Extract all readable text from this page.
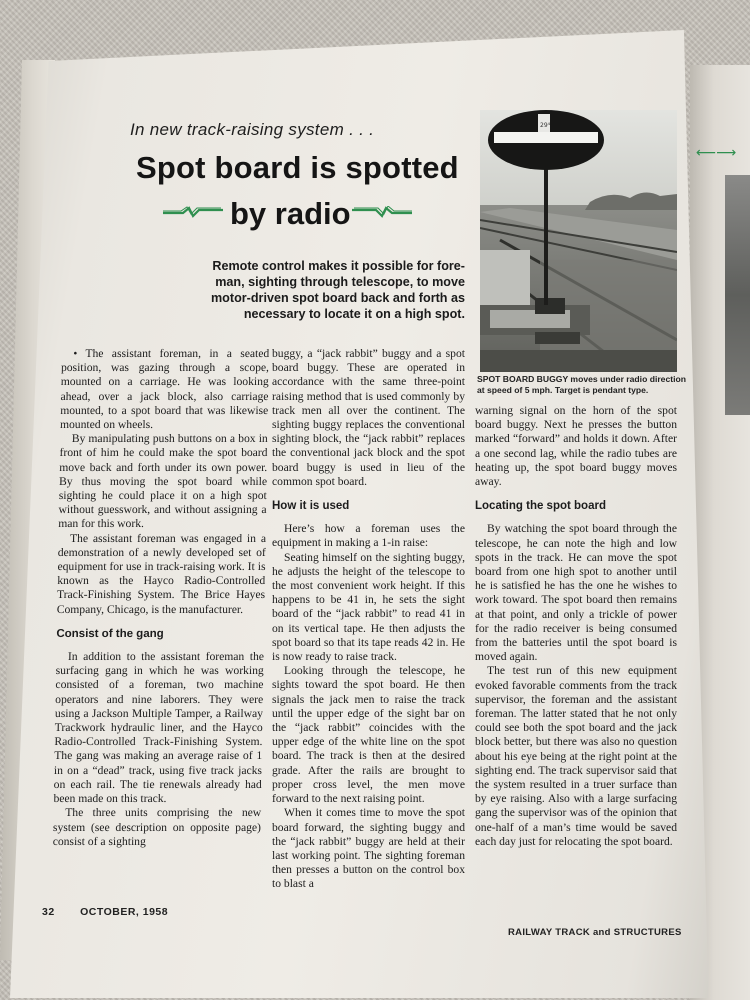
⟵⟶
In new track-raising system . . .
Spot board is spotted
by radio
Remote control makes it possible for fore-
man, sighting through telescope, to move
motor-driven spot board back and forth as
necessary to locate it on a high spot.
29⁴
SPOT BOARD BUGGY moves under radio direction at speed of 5 mph. Target is pendant type.

• The assistant foreman, in a seated position, was gazing through a scope, mounted on a carriage. He was looking ahead, over a jack block, also carriage mounted, to a spot board that was likewise mounted on wheels.

By manipulating push buttons on a box in front of him he could make the spot board move back and forth under its own power. By thus moving the spot board while sighting he could place it on a high spot without guesswork, and without assigning a man for this work.

The assistant foreman was engaged in a demonstration of a newly developed set of equipment for use in track-raising work. It is known as the Hayco Radio-Controlled Track-Finishing System. The Brice Hayes Company, Chicago, is the manufacturer.

Consist of the gang

In addition to the assistant foreman the surfacing gang in which he was working consisted of a foreman, two machine operators and nine laborers. They were using a Jackson Multiple Tamper, a Railway Trackwork hydraulic liner, and the Hayco Radio-Controlled Track-Finishing System. The gang was making an average raise of 1 in on a “dead” track, using five track jacks on each rail. The tie renewals already had been made on this track.

The three units comprising the new system (see description on opposite page) consist of a sighting

buggy, a “jack rabbit” buggy and a spot board buggy. These are operated in accordance with the same three-point raising method that is used commonly by track men all over the continent. The sighting buggy replaces the conventional sighting block, the “jack rabbit” replaces the conventional jack block and the spot board buggy is used in lieu of the common spot board.

How it is used

Here’s how a foreman uses the equipment in making a 1-in raise:

Seating himself on the sighting buggy, he adjusts the height of the telescope to the most convenient work height. If this happens to be 41 in, he sets the sight board of the “jack rabbit” to read 41 in on its vertical tape. He then adjusts the spot board so that its tape reads 42 in. He is now ready to raise track.

Looking through the telescope, he sights toward the spot board. He then signals the jack men to raise the track until the upper edge of the sight bar on the “jack rabbit” coincides with the upper edge of the white line on the spot board. The track is then at the desired grade. After the rails are brought to proper cross level, the men move forward to the next raising point.

When it comes time to move the spot board forward, the sighting buggy and the “jack rabbit” buggy are held at their last working point. The sighting foreman then presses a button on the control box to blast a

warning signal on the horn of the spot board buggy. Next he presses the button marked “forward” and holds it down. After a one second lag, while the radio tubes are heating up, the spot board buggy moves away.

Locating the spot board

By watching the spot board through the telescope, he can note the high and low spots in the track. He can move the spot board from one high spot to another until he is satisfied he has the one he wishes to work toward. The spot board then remains at that point, and only a trickle of power for the radio receiver is being consumed from the batteries until the spot board is moved again.

The test run of this new equipment evoked favorable comments from the track supervisor, the foreman and the assistant foreman. The latter stated that he not only could see both the spot board and the jack block better, but there was also no question about his eye being at the right point at the sighting end. The track supervisor said that the system resulted in a truer surface than by eye raising. Also with a large surfacing gang the supervisor was of the opinion that one-half of a man’s time would be saved each day just for relocating the spot board.

32 OCTOBER, 1958
RAILWAY TRACK and STRUCTURES
